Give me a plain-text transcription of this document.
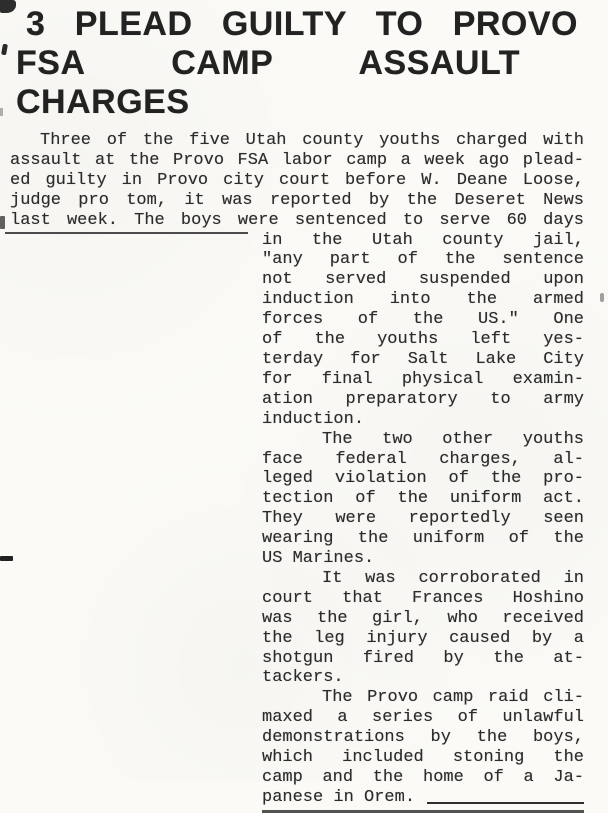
3 PLEAD GUILTY TO PROVO
FSA CAMP ASSAULT CHARGES
Three of the five Utah county youths charged with
assault at the Provo FSA labor camp a week ago plead-
ed guilty in Provo city court before W. Deane Loose,
judge pro tom, it was reported by the Deseret News
last week. The boys were sentenced to serve 60 days
in the Utah county jail,
"any part of the sentence
not served suspended upon
induction into the armed
forces of the US." One
of the youths left yes-
terday for Salt Lake City
for final physical examin-
ation preparatory to army
induction.
The two other youths
face federal charges, al-
leged violation of the pro-
tection of the uniform act.
They were reportedly seen
wearing the uniform of the
US Marines.
It was corroborated in
court that Frances Hoshino
was the girl, who received
the leg injury caused by a
shotgun fired by the at-
tackers.
The Provo camp raid cli-
maxed a series of unlawful
demonstrations by the boys,
which included stoning the
camp and the home of a Ja-
panese in Orem.
